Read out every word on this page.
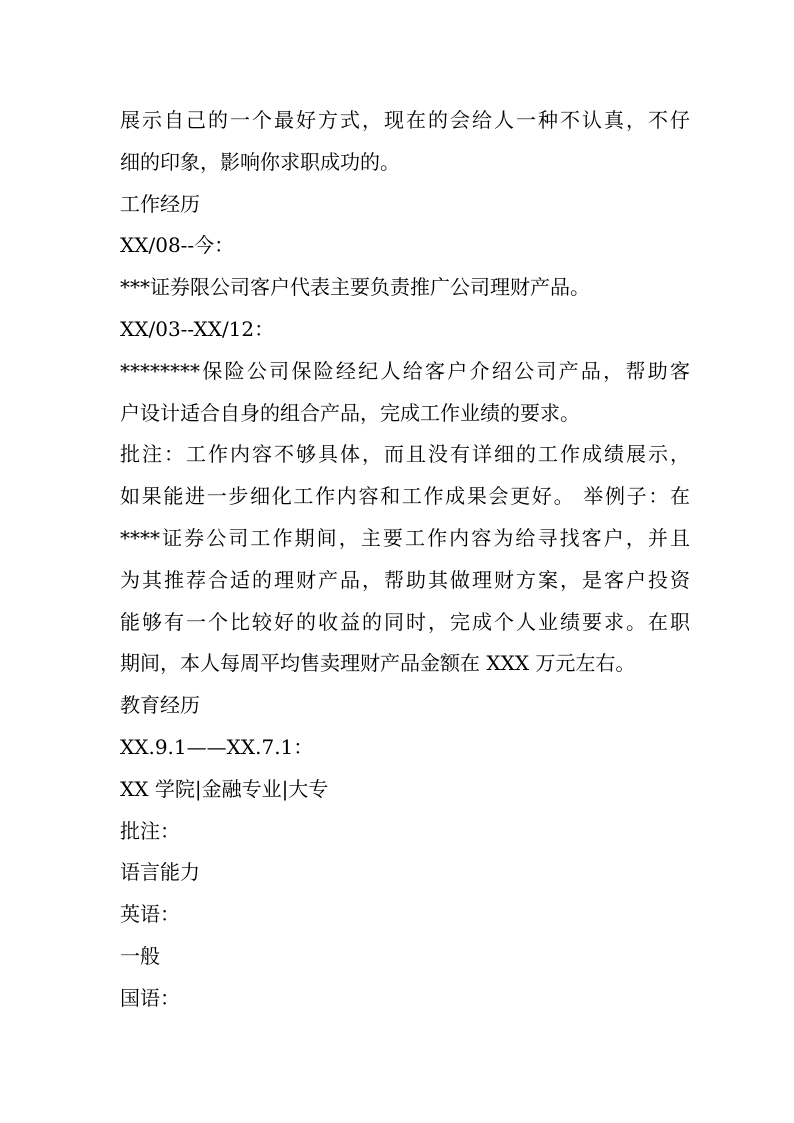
展示自己的一个最好方式，现在的会给人一种不认真，不仔
细的印象，影响你求职成功的。
工作经历
XX/08--今：
***证券限公司客户代表主要负责推广公司理财产品。
XX/03--XX/12：
********保险公司保险经纪人给客户介绍公司产品，帮助客
户设计适合自身的组合产品，完成工作业绩的要求。
批注：工作内容不够具体，而且没有详细的工作成绩展示，
如果能进一步细化工作内容和工作成果会更好。 举例子：在
****证券公司工作期间，主要工作内容为给寻找客户，并且
为其推荐合适的理财产品，帮助其做理财方案，是客户投资
能够有一个比较好的收益的同时，完成个人业绩要求。在职
期间，本人每周平均售卖理财产品金额在 XXX 万元左右。
教育经历
XX.9.1——XX.7.1：
XX 学院|金融专业|大专
批注：
语言能力
英语：
一般
国语：
